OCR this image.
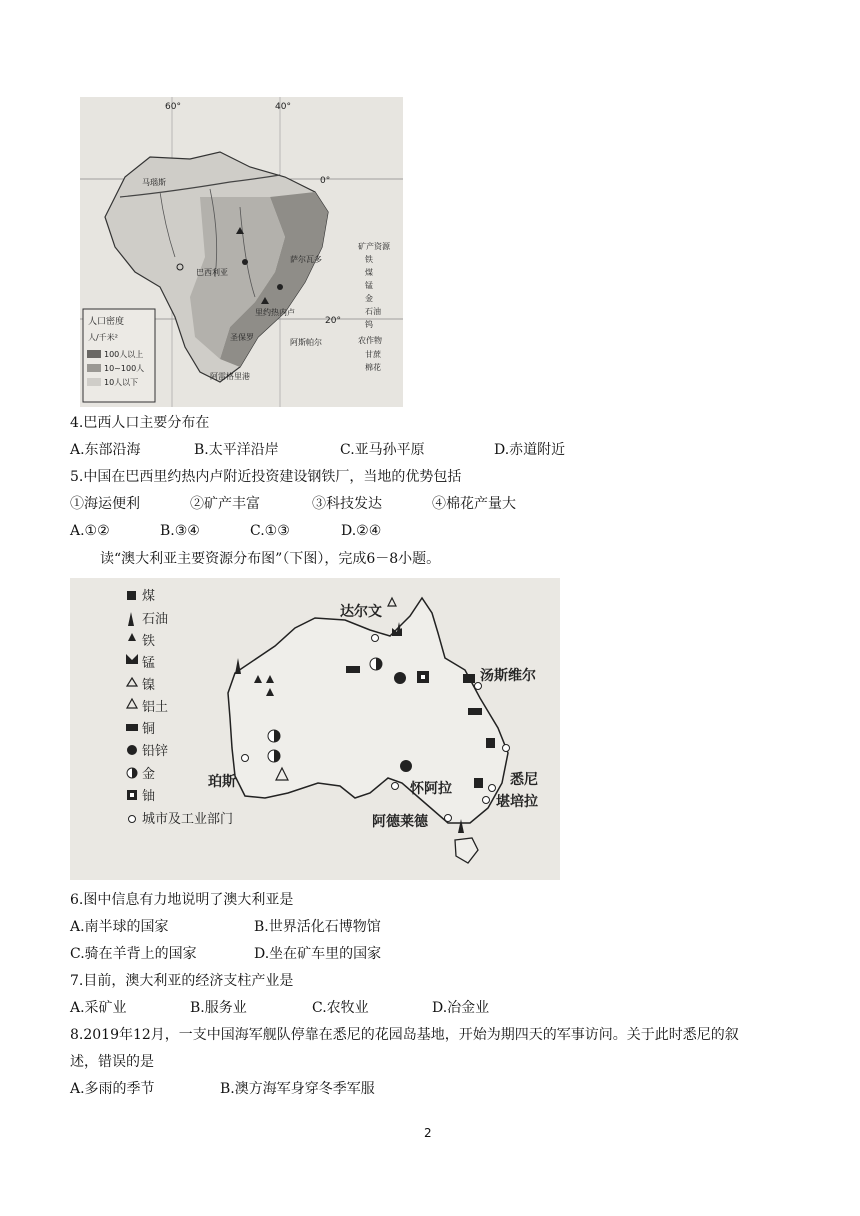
人口密度
人/千米²
100人以上
10~100人
10人以下
矿产资源
铁
煤
锰
金
石油
钨
农作物
甘蔗
棉花
60°	40°
0°
20°
马瑙斯
巴西利亚
萨尔瓦多
里约热内卢
圣保罗
阿雷格里港
阿斯帕尔
4.巴西人口主要分布在
A.东部沿海	B.太平洋沿岸	C.亚马孙平原	D.赤道附近
5.中国在巴西里约热内卢附近投资建设钢铁厂，当地的优势包括
①海运便利	②矿产丰富	③科技发达	④棉花产量大
A.①②	B.③④	C.①③	D.②④
读“澳大利亚主要资源分布图”（下图），完成6－8小题。
煤
石油
铁
锰
镍
铝土
铜
铅锌
金
铀
城市及工业部门
达尔文
汤斯维尔
珀斯	怀阿拉
悉尼
堪培拉
阿德莱德
6.图中信息有力地说明了澳大利亚是
A.南半球的国家	B.世界活化石博物馆
C.骑在羊背上的国家	D.坐在矿车里的国家
7.目前，澳大利亚的经济支柱产业是
A.采矿业	B.服务业	C.农牧业	D.冶金业
8.2019年12月，一支中国海军舰队停靠在悉尼的花园岛基地，开始为期四天的军事访问。关于此时悉尼的叙
述，错误的是
A.多雨的季节	B.澳方海军身穿冬季军服
2
